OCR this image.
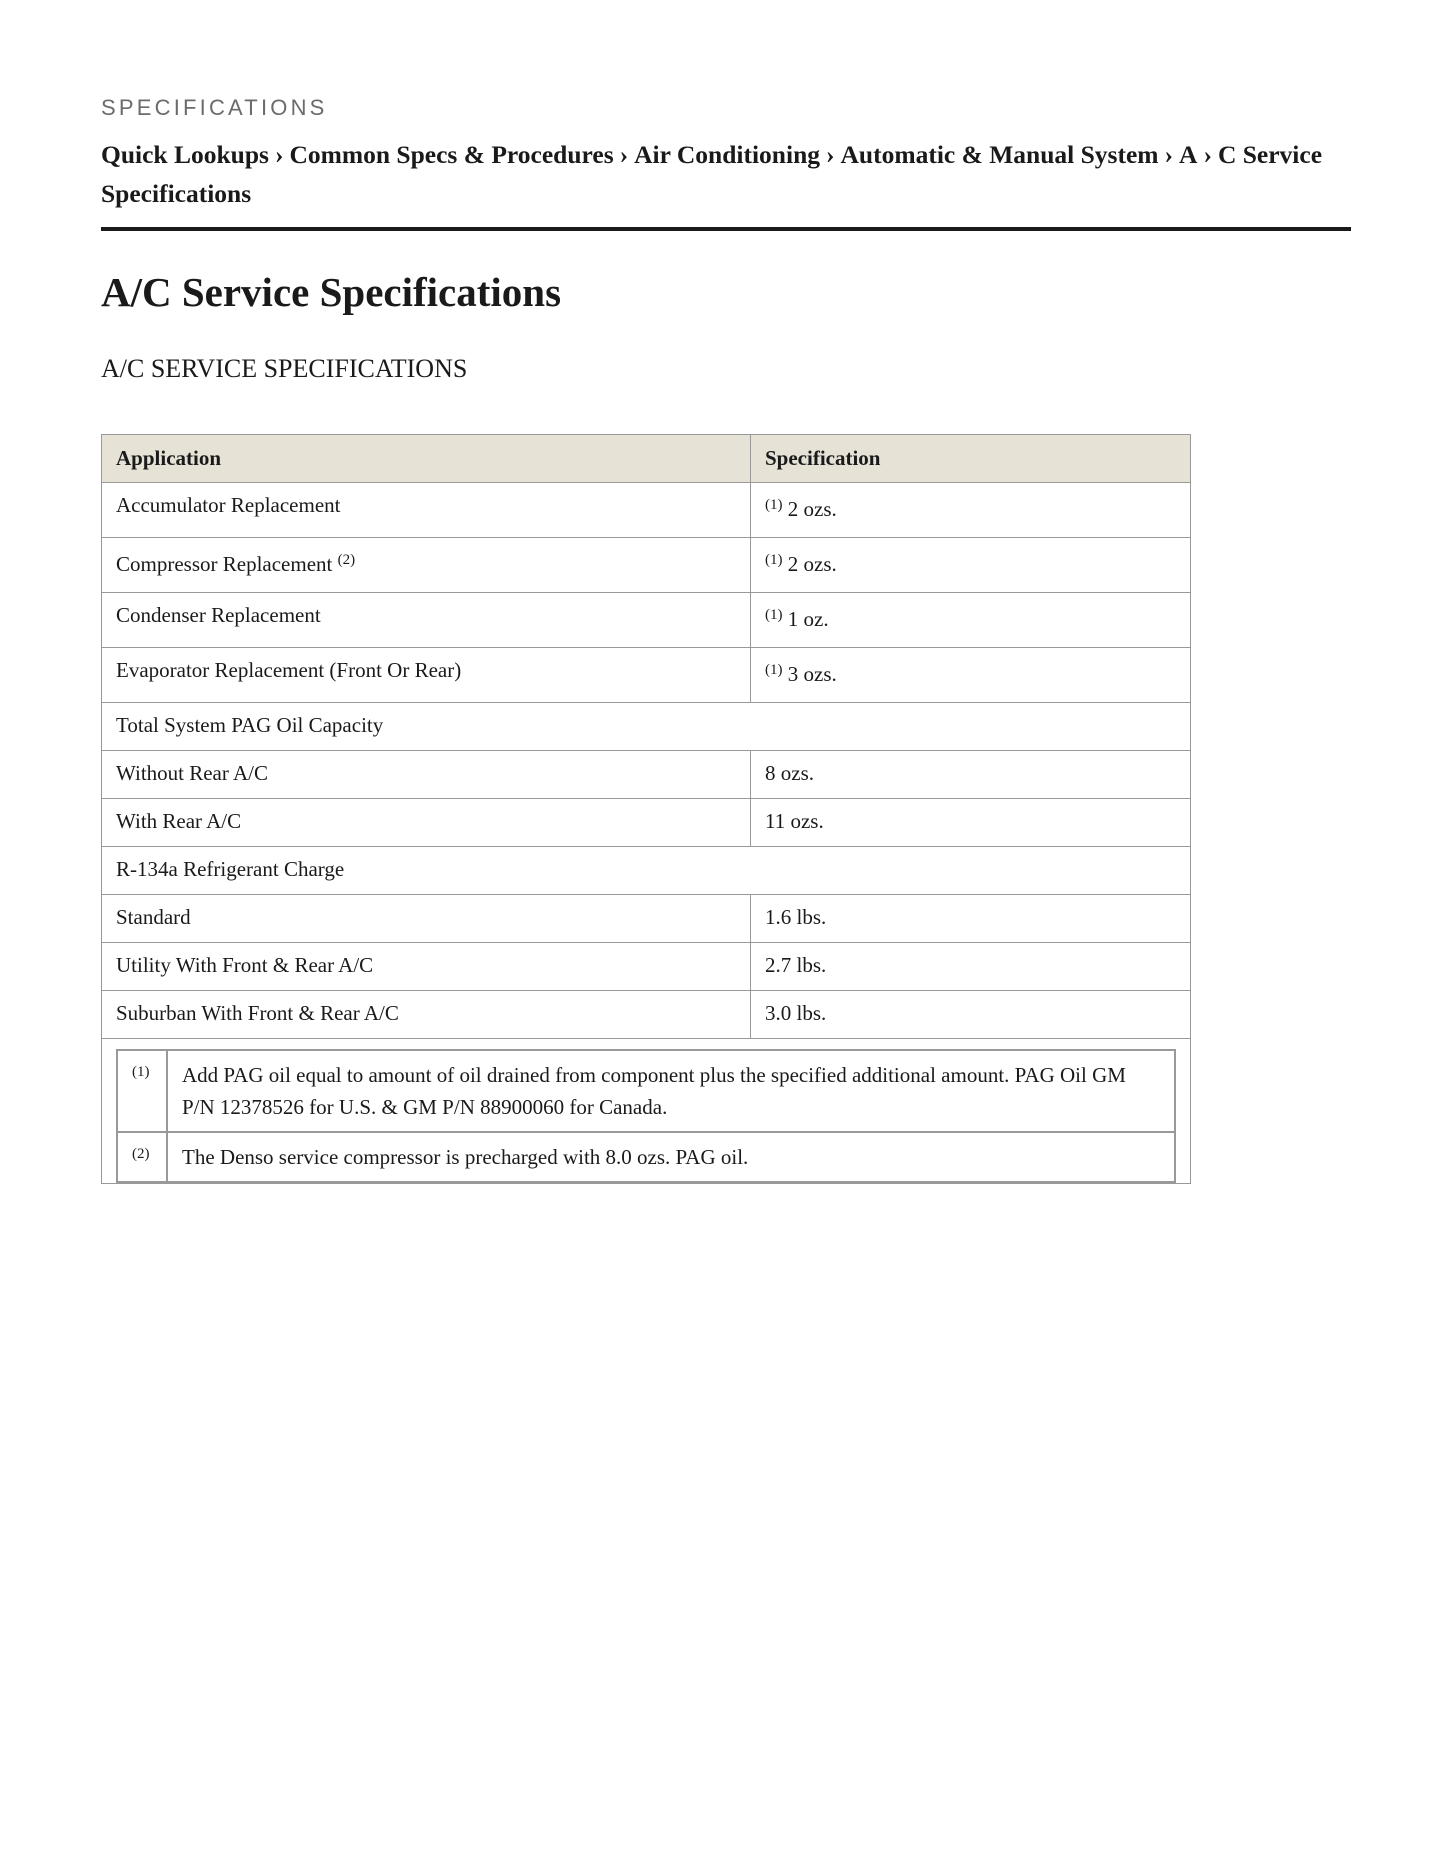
SPECIFICATIONS

Quick Lookups › Common Specs & Procedures › Air Conditioning › Automatic & Manual System › A › C Service Specifications
A/C Service Specifications
A/C SERVICE SPECIFICATIONS
Application	Specification
Accumulator Replacement	$^{(1)}$ 2 ozs.
Compressor Replacement $^{(2)}$	$^{(1)}$ 2 ozs.
Condenser Replacement	$^{(1)}$ 1 oz.
Evaporator Replacement (Front Or Rear)	$^{(1)}$ 3 ozs.
Total System PAG Oil Capacity
Without Rear A/C	8 ozs.
With Rear A/C	11 ozs.
R-134a Refrigerant Charge
Standard	1.6 lbs.
Utility With Front & Rear A/C	2.7 lbs.
Suburban With Front & Rear A/C	3.0 lbs.

(1)	Add PAG oil equal to amount of oil drained from component plus the specified additional amount. PAG Oil GM P/N 12378526 for U.S. & GM P/N 88900060 for Canada.
(2)	The Denso service compressor is precharged with 8.0 ozs. PAG oil.
